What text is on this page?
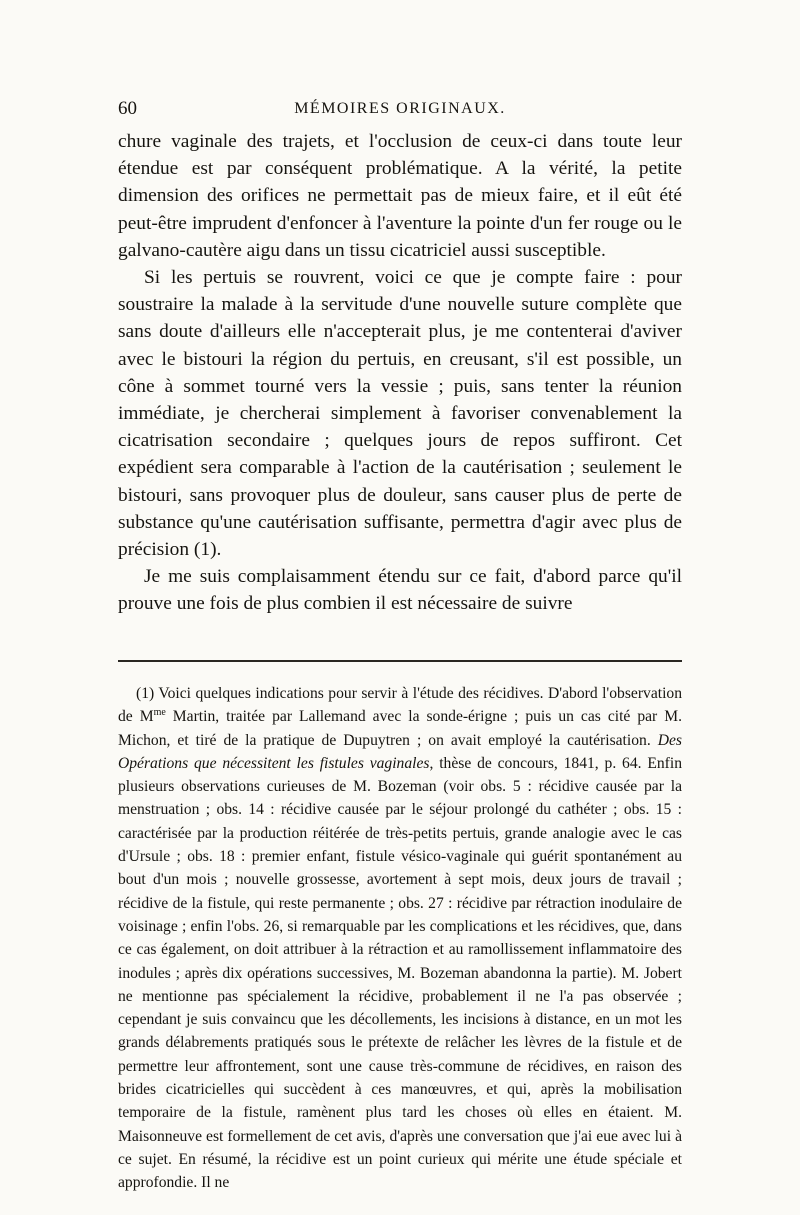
60	MÉMOIRES ORIGINAUX.

chure vaginale des trajets, et l'occlusion de ceux-ci dans toute leur étendue est par conséquent problématique. A la vérité, la petite dimension des orifices ne permettait pas de mieux faire, et il eût été peut-être imprudent d'enfoncer à l'aventure la pointe d'un fer rouge ou le galvano-cautère aigu dans un tissu cicatriciel aussi susceptible.

Si les pertuis se rouvrent, voici ce que je compte faire : pour soustraire la malade à la servitude d'une nouvelle suture complète que sans doute d'ailleurs elle n'accepterait plus, je me contenterai d'aviver avec le bistouri la région du pertuis, en creusant, s'il est possible, un cône à sommet tourné vers la vessie ; puis, sans tenter la réunion immédiate, je chercherai simplement à favoriser convenablement la cicatrisation secondaire ; quelques jours de repos suffiront. Cet expédient sera comparable à l'action de la cautérisation ; seulement le bistouri, sans provoquer plus de douleur, sans causer plus de perte de substance qu'une cautérisation suffisante, permettra d'agir avec plus de précision (1).

Je me suis complaisamment étendu sur ce fait, d'abord parce qu'il prouve une fois de plus combien il est nécessaire de suivre

(1) Voici quelques indications pour servir à l'étude des récidives. D'abord l'observation de $M^{me}$ Martin, traitée par Lallemand avec la sonde-érigne ; puis un cas cité par M. Michon, et tiré de la pratique de Dupuytren ; on avait employé la cautérisation. Des Opérations que nécessitent les fistules vaginales, thèse de concours, 1841, p. 64. Enfin plusieurs observations curieuses de M. Bozeman (voir obs. 5 : récidive causée par la menstruation ; obs. 14 : récidive causée par le séjour prolongé du cathéter ; obs. 15 : caractérisée par la production réitérée de très-petits pertuis, grande analogie avec le cas d'Ursule ; obs. 18 : premier enfant, fistule vésico-vaginale qui guérit spontanément au bout d'un mois ; nouvelle grossesse, avortement à sept mois, deux jours de travail ; récidive de la fistule, qui reste permanente ; obs. 27 : récidive par rétraction inodulaire de voisinage ; enfin l'obs. 26, si remarquable par les complications et les récidives, que, dans ce cas également, on doit attribuer à la rétraction et au ramollissement inflammatoire des inodules ; après dix opérations successives, M. Bozeman abandonna la partie). M. Jobert ne mentionne pas spécialement la récidive, probablement il ne l'a pas observée ; cependant je suis convaincu que les décollements, les incisions à distance, en un mot les grands délabrements pratiqués sous le prétexte de relâcher les lèvres de la fistule et de permettre leur affrontement, sont une cause très-commune de récidives, en raison des brides cicatricielles qui succèdent à ces manœuvres, et qui, après la mobilisation temporaire de la fistule, ramènent plus tard les choses où elles en étaient. M. Maisonneuve est formellement de cet avis, d'après une conversation que j'ai eue avec lui à ce sujet. En résumé, la récidive est un point curieux qui mérite une étude spéciale et approfondie. Il ne
